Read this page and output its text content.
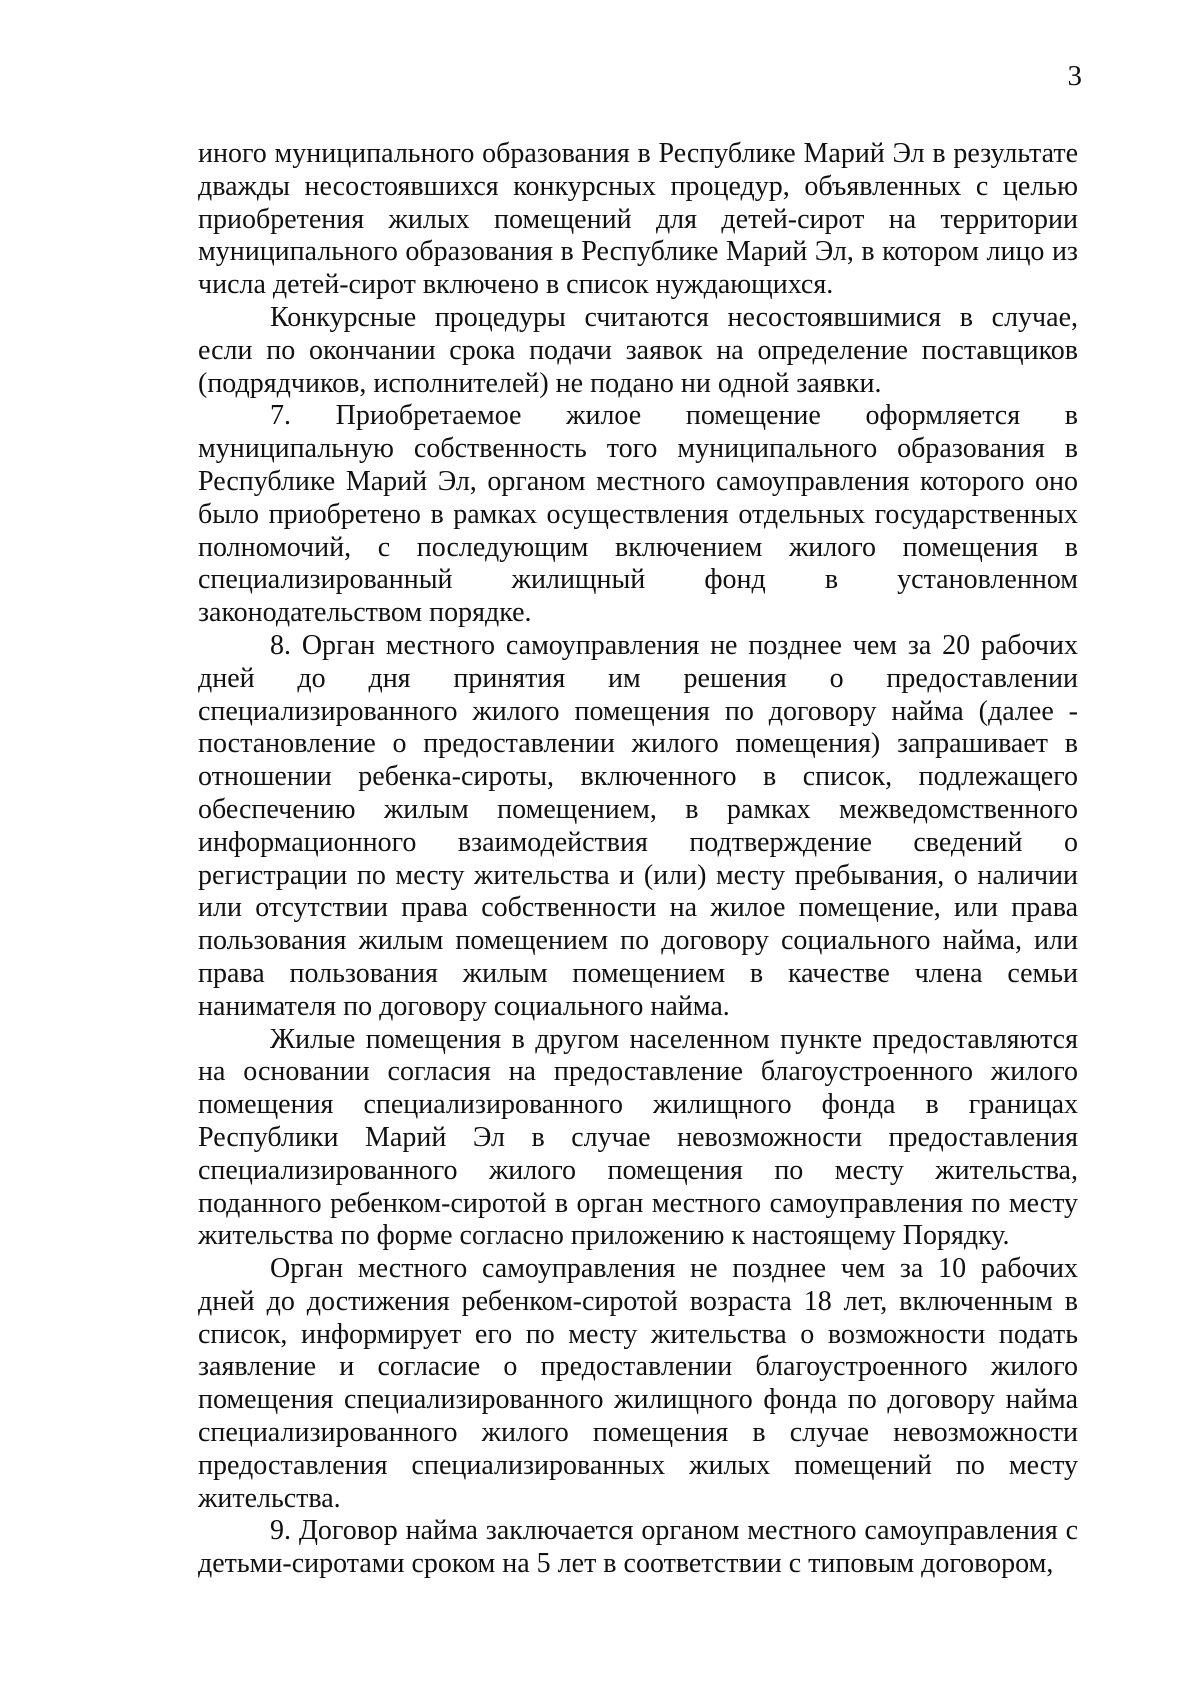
3

иного муниципального образования в Республике Марий Эл в результате дважды несостоявшихся конкурсных процедур, объявленных с целью приобретения жилых помещений для детей-сирот на территории муниципального образования в Республике Марий Эл, в котором лицо из числа детей-сирот включено в список нуждающихся.

Конкурсные процедуры считаются несостоявшимися в случае, если по окончании срока подачи заявок на определение поставщиков (подрядчиков, исполнителей) не подано ни одной заявки.

7. Приобретаемое жилое помещение оформляется в муниципальную собственность того муниципального образования в Республике Марий Эл, органом местного самоуправления которого оно было приобретено в рамках осуществления отдельных государственных полномочий, с последующим включением жилого помещения в специализированный жилищный фонд в установленном законодательством порядке.

8. Орган местного самоуправления не позднее чем за 20 рабочих дней до дня принятия им решения о предоставлении специализированного жилого помещения по договору найма (далее - постановление о предоставлении жилого помещения) запрашивает в отношении ребенка-сироты, включенного в список, подлежащего обеспечению жилым помещением, в рамках межведомственного информационного взаимодействия подтверждение сведений о регистрации по месту жительства и (или) месту пребывания, о наличии или отсутствии права собственности на жилое помещение, или права пользования жилым помещением по договору социального найма, или права пользования жилым помещением в качестве члена семьи нанимателя по договору социального найма.

Жилые помещения в другом населенном пункте предоставляются на основании согласия на предоставление благоустроенного жилого помещения специализированного жилищного фонда в границах Республики Марий Эл в случае невозможности предоставления специализированного жилого помещения по месту жительства, поданного ребенком-сиротой в орган местного самоуправления по месту жительства по форме согласно приложению к настоящему Порядку.

Орган местного самоуправления не позднее чем за 10 рабочих дней до достижения ребенком-сиротой возраста 18 лет, включенным в список, информирует его по месту жительства о возможности подать заявление и согласие о предоставлении благоустроенного жилого помещения специализированного жилищного фонда по договору найма специализированного жилого помещения в случае невозможности предоставления специализированных жилых помещений по месту жительства.

9. Договор найма заключается органом местного самоуправления с детьми-сиротами сроком на 5 лет в соответствии с типовым договором,
